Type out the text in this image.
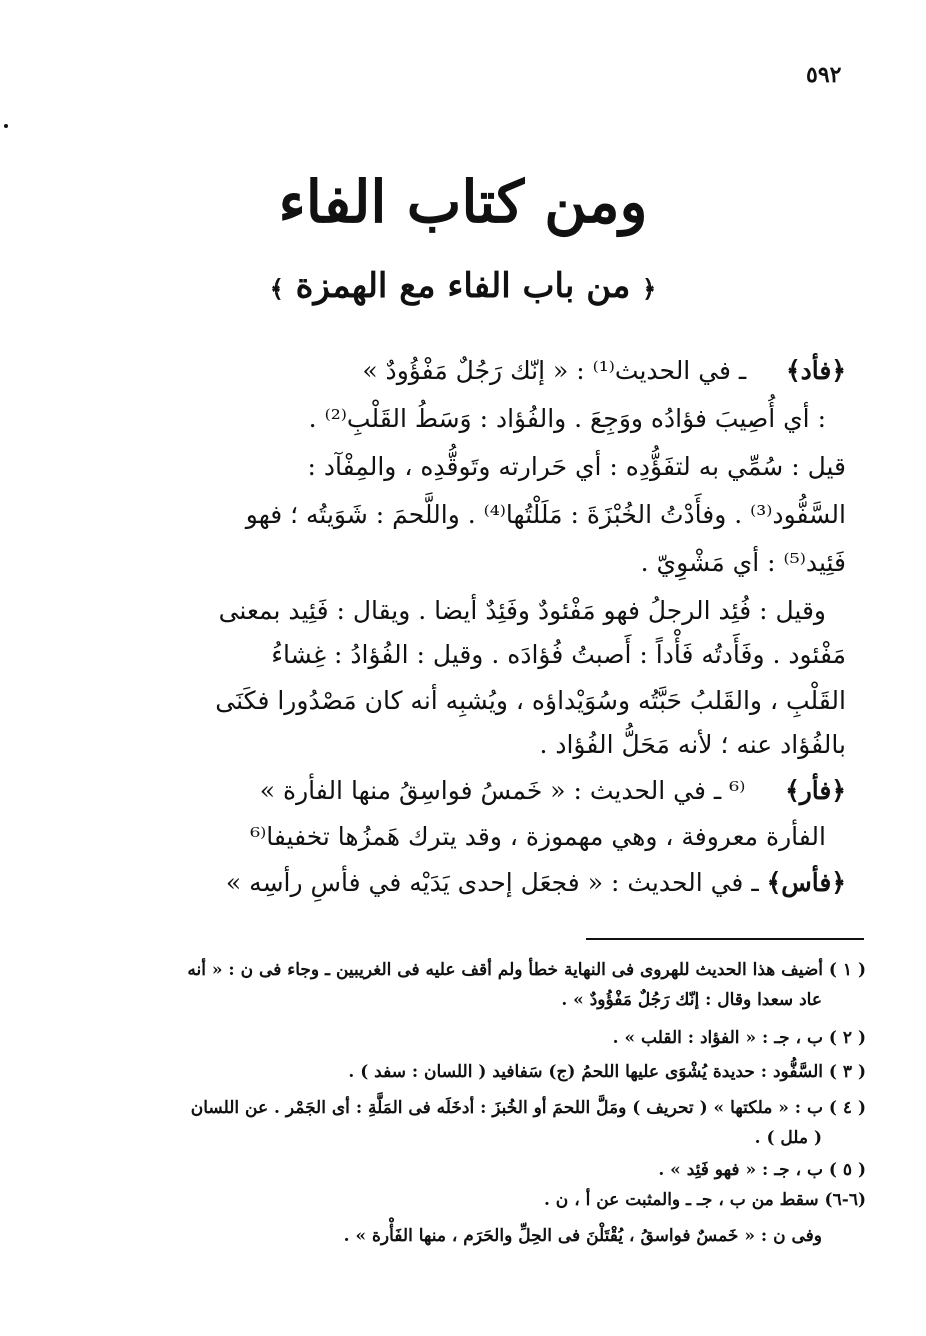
٥٩٢
ومن كتاب الفاء
﴿ من باب الفاء مع الهمزة ﴾
﴿فأد﴾     ـ في الحديث⁽¹⁾ : « إنّك رَجُلٌ مَفْؤُودٌ »
: أي أُصِيبَ فؤادُه ووَجِعَ . والفُؤاد : وَسَطُ القَلْبِ⁽²⁾ .
قيل : سُمِّي به لتفَؤُّدِه : أي حَرارته وتَوقُّدِه ، والمِفْآد :
السَّفُّود⁽³⁾ . وفأَدْتُ الخُبْزَةَ : مَلَلْتُها⁽⁴⁾ . واللَّحمَ : شَوَيتُه ؛ فهو
فَئِيد⁽⁵⁾ : أي مَشْوِيّ .
وقيل : فُئِد الرجلُ فهو مَفْئودٌ وفَئِدٌ أيضا . ويقال : فَئِيد بمعنى
مَفْئود . وفَأَدتُه فَأْداً : أَصبتُ فُؤادَه . وقيل : الفُؤادُ : غِشاءُ
القَلْبِ ، والقَلبُ حَبَّتُه وسُوَيْداؤه ، ويُشبِه أنه كان مَصْدُورا فكَنَى
بالفُؤاد عنه ؛ لأنه مَحَلُّ الفُؤاد .
﴿فأر﴾     ⁽⁶ ـ في الحديث : « خَمسُ فواسِقُ منها الفأرة »
الفأرة معروفة ، وهي مهموزة ، وقد يترك هَمزُها تخفيفا⁽⁶
﴿فأس﴾ ـ في الحديث : « فجعَل إحدى يَدَيْه في فأسِ رأسِه »
( ١ ) أضيف هذا الحديث للهروى فى النهاية خطأ ولم أقف عليه فى الغريبين ـ وجاء فى ن : « أنه
عاد سعدا وقال : إنّك رَجُلٌ مَفْؤُودٌ » .
( ٢ ) ب ، جـ : « الفؤاد : القلب » .
( ٣ ) السَّفُّود : حديدة يُشْوَى عليها اللحمُ (ج) سَفافيد ( اللسان : سفد ) .
( ٤ ) ب : « ملكتها » ( تحريف ) ومَلَّ اللحمَ أو الخُبزَ : أدخَلَه فى المَلَّةِ : أى الجَمْر . عن اللسان
( ملل ) .
( ٥ ) ب ، جـ : « فهو فَئِد » .
(٦-٦) سقط من ب ، جـ ـ والمثبت عن أ ، ن .
وفى ن : « خَمسٌ فواسقُ ، يُقْتَلْنَ فى الحِلِّ والحَرَم ، منها الفَأْرة » .
